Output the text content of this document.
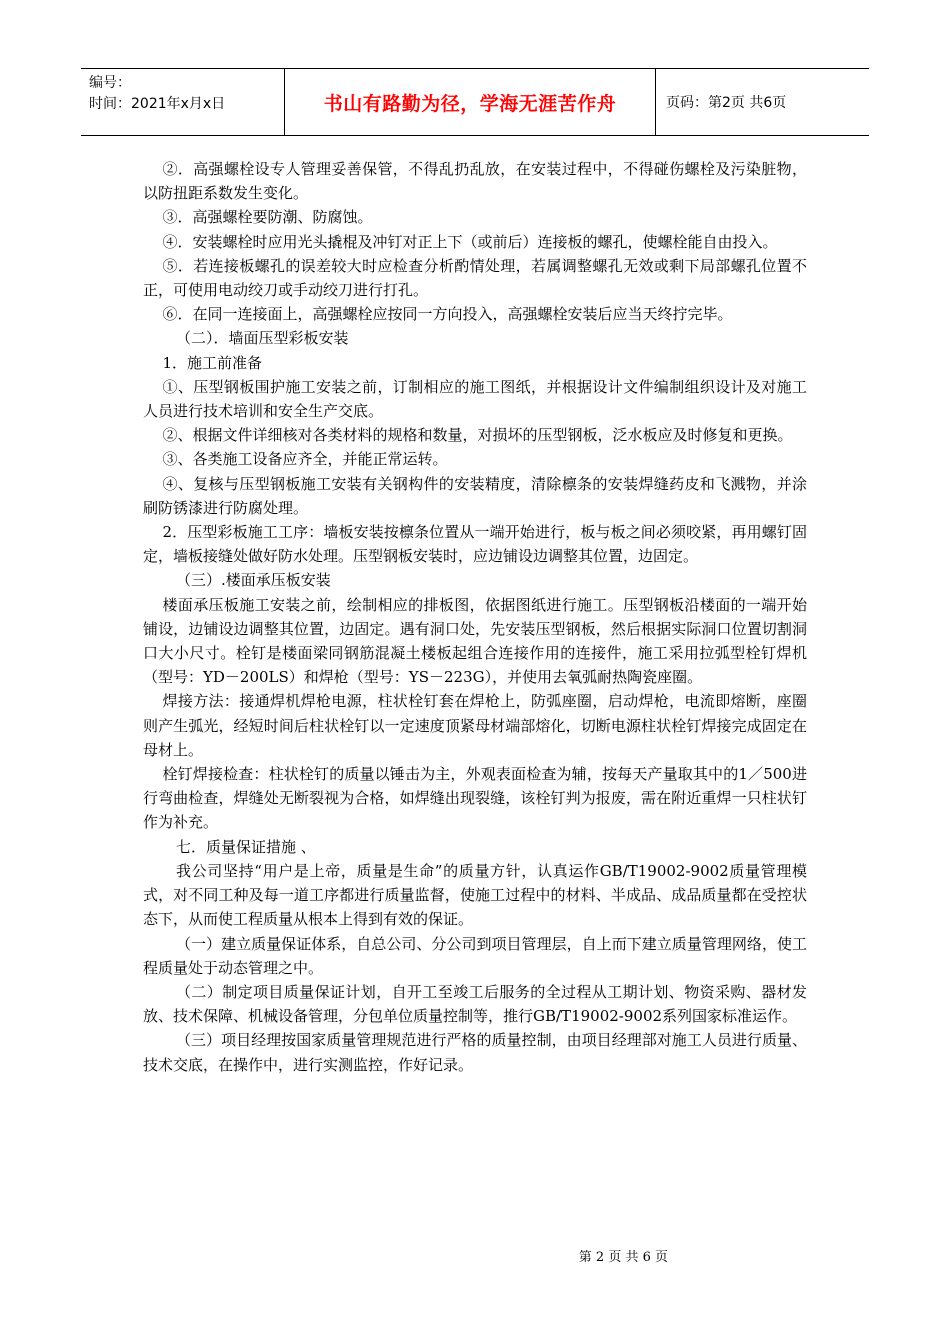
编号：
时间：2021年x月x日	书山有路勤为径，学海无涯苦作舟	页码：第2页 共6页

②．高强螺栓设专人管理妥善保管，不得乱扔乱放，在安装过程中，不得碰伤螺栓及污染脏物，以防扭距系数发生变化。

③．高强螺栓要防潮、防腐蚀。

④．安装螺栓时应用光头撬棍及冲钉对正上下（或前后）连接板的螺孔，使螺栓能自由投入。

⑤．若连接板螺孔的误差较大时应检查分析酌情处理，若属调整螺孔无效或剩下局部螺孔位置不正，可使用电动绞刀或手动绞刀进行打孔。

⑥．在同一连接面上，高强螺栓应按同一方向投入，高强螺栓安装后应当天终拧完毕。

（二）．墙面压型彩板安装

1．施工前准备

①、压型钢板围护施工安装之前，订制相应的施工图纸，并根据设计文件编制组织设计及对施工人员进行技术培训和安全生产交底。

②、根据文件详细核对各类材料的规格和数量，对损坏的压型钢板，泛水板应及时修复和更换。

③、各类施工设备应齐全，并能正常运转。

④、复核与压型钢板施工安装有关钢构件的安装精度，清除檩条的安装焊缝药皮和飞溅物，并涂刷防锈漆进行防腐处理。

2．压型彩板施工工序：墙板安装按檩条位置从一端开始进行，板与板之间必须咬紧，再用螺钉固定，墙板接缝处做好防水处理。压型钢板安装时，应边铺设边调整其位置，边固定。

（三）.楼面承压板安装

楼面承压板施工安装之前，绘制相应的排板图，依据图纸进行施工。压型钢板沿楼面的一端开始铺设，边铺设边调整其位置，边固定。遇有洞口处，先安装压型钢板，然后根据实际洞口位置切割洞口大小尺寸。栓钉是楼面梁同钢筋混凝土楼板起组合连接作用的连接件，施工采用拉弧型栓钉焊机（型号：YD－200LS）和焊枪（型号：YS－223G），并使用去氧弧耐热陶瓷座圈。

焊接方法：接通焊机焊枪电源，柱状栓钉套在焊枪上，防弧座圈，启动焊枪，电流即熔断，座圈则产生弧光，经短时间后柱状栓钉以一定速度顶紧母材端部熔化，切断电源柱状栓钉焊接完成固定在母材上。

栓钉焊接检查：柱状栓钉的质量以锤击为主，外观表面检查为辅，按每天产量取其中的1／500进行弯曲检查，焊缝处无断裂视为合格，如焊缝出现裂缝，该栓钉判为报废，需在附近重焊一只柱状钉作为补充。

七．质量保证措施 、

我公司坚持“用户是上帝，质量是生命”的质量方针，认真运作GB/T19002-9002质量管理模式，对不同工种及每一道工序都进行质量监督，使施工过程中的材料、半成品、成品质量都在受控状态下，从而使工程质量从根本上得到有效的保证。

（一）建立质量保证体系，自总公司、分公司到项目管理层，自上而下建立质量管理网络，使工程质量处于动态管理之中。

（二）制定项目质量保证计划，自开工至竣工后服务的全过程从工期计划、物资采购、器材发放、技术保障、机械设备管理，分包单位质量控制等，推行GB/T19002-9002系列国家标准运作。

（三）项目经理按国家质量管理规范进行严格的质量控制，由项目经理部对施工人员进行质量、技术交底，在操作中，进行实测监控，作好记录。

第 2 页 共 6 页
